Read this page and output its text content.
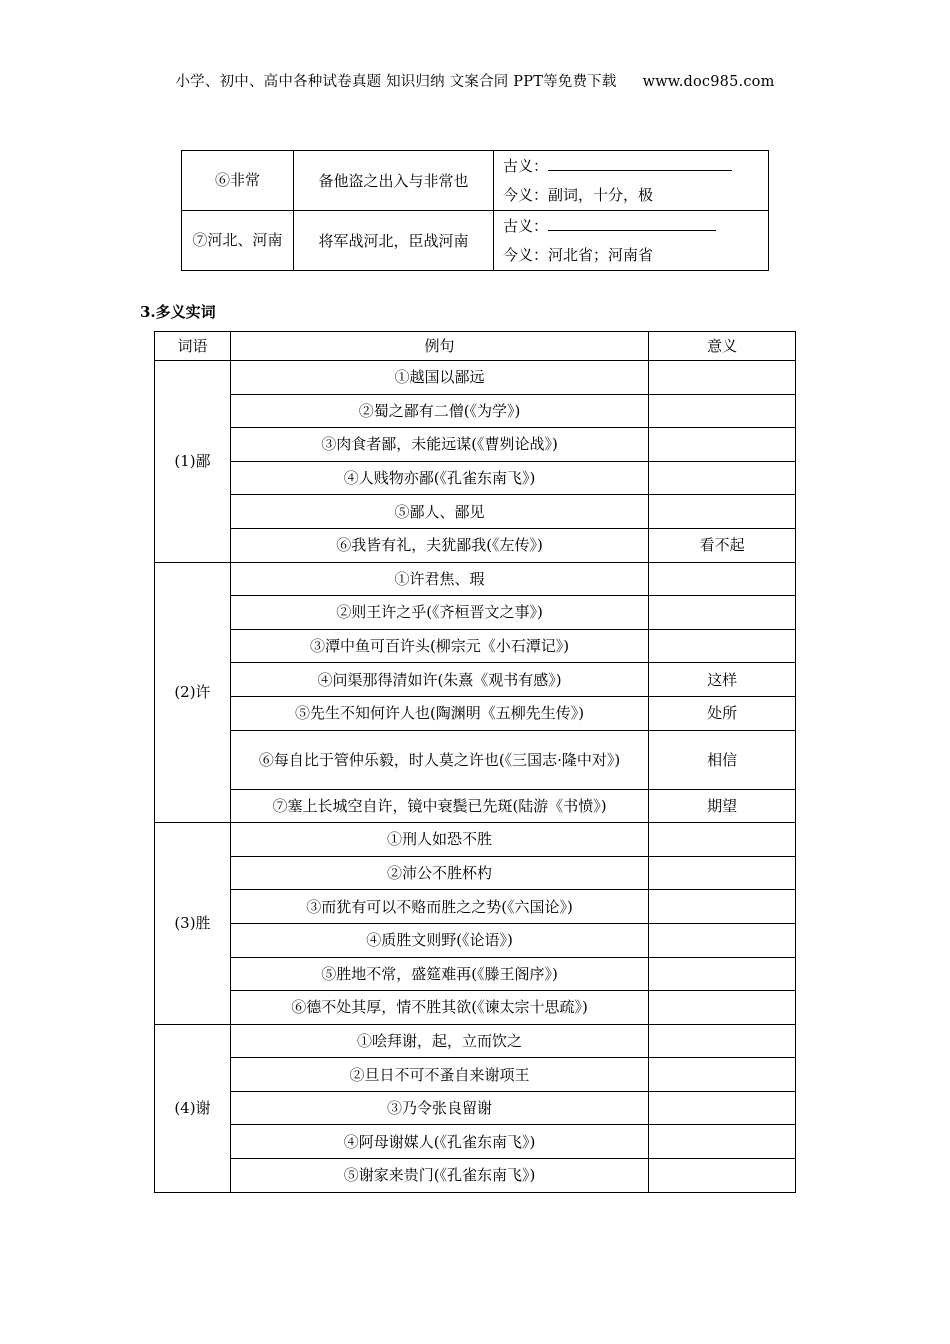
小学、初中、高中各种试卷真题 知识归纳 文案合同 PPT等免费下载 www.doc985.com
⑥非常	备他盗之出入与非常也	古义：
今义：副词，十分，极

⑦河北、河南	将军战河北，臣战河南	古义：
今义：河北省；河南省
3.多义实词
词语	例句	意义
(1)鄙	①越国以鄙远	
	②蜀之鄙有二僧(《为学》)	
	③肉食者鄙，未能远谋(《曹刿论战》)	
	④人贱物亦鄙(《孔雀东南飞》)	
	⑤鄙人、鄙见	
	⑥我皆有礼，夫犹鄙我(《左传》)	看不起
(2)许	①许君焦、瑕	
	②则王许之乎(《齐桓晋文之事》)	
	③潭中鱼可百许头(柳宗元《小石潭记》)	
	④问渠那得清如许(朱熹《观书有感》)	这样
	⑤先生不知何许人也(陶渊明《五柳先生传》)	处所
	⑥每自比于管仲乐毅，时人莫之许也(《三国志·隆中对》)	相信
	⑦塞上长城空自许，镜中衰鬓已先斑(陆游《书愤》)	期望
(3)胜	①刑人如恐不胜	
	②沛公不胜杯杓	
	③而犹有可以不赂而胜之之势(《六国论》)	
	④质胜文则野(《论语》)	
	⑤胜地不常，盛筵难再(《滕王阁序》)	
	⑥德不处其厚，情不胜其欲(《谏太宗十思疏》)	
(4)谢	①哙拜谢，起，立而饮之	
	②旦日不可不蚤自来谢项王	
	③乃令张良留谢	
	④阿母谢媒人(《孔雀东南飞》)	
	⑤谢家来贵门(《孔雀东南飞》)	
